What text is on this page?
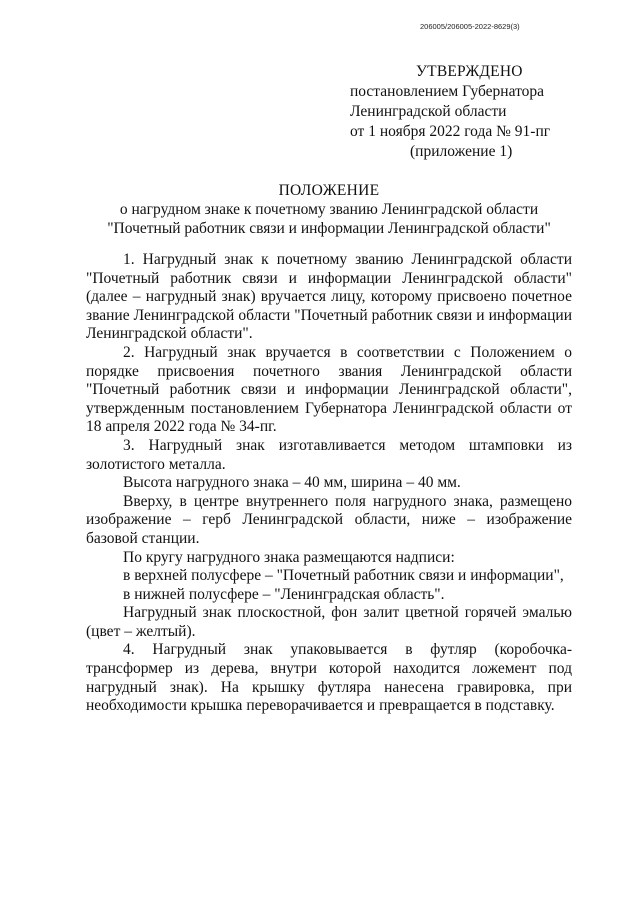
206005/206005-2022-8629(3)
УТВЕРЖДЕНО
постановлением Губернатора
Ленинградской области
от 1 ноября 2022 года № 91-пг
(приложение 1)
ПОЛОЖЕНИЕ
о нагрудном знаке к почетному званию Ленинградской области
"Почетный работник связи и информации Ленинградской области"

1. Нагрудный знак к почетному званию Ленинградской области "Почетный работник связи и информации Ленинградской области" (далее – нагрудный знак) вручается лицу, которому присвоено почетное звание Ленинградской области "Почетный работник связи и информации Ленинградской области".

2. Нагрудный знак вручается в соответствии с Положением о порядке присвоения почетного звания Ленинградской области "Почетный работник связи и информации Ленинградской области", утвержденным постановлением Губернатора Ленинградской области от 18 апреля 2022 года № 34-пг.

3. Нагрудный знак изготавливается методом штамповки из золотистого металла.

Высота нагрудного знака – 40 мм, ширина – 40 мм.

Вверху, в центре внутреннего поля нагрудного знака, размещено изображение – герб Ленинградской области, ниже – изображение базовой станции.

По кругу нагрудного знака размещаются надписи:

в верхней полусфере – "Почетный работник связи и информации",

в нижней полусфере – "Ленинградская область".

Нагрудный знак плоскостной, фон залит цветной горячей эмалью (цвет – желтый).

4. Нагрудный знак упаковывается в футляр (коробочка-трансформер из дерева, внутри которой находится ложемент под нагрудный знак). На крышку футляра нанесена гравировка, при необходимости крышка переворачивается и превращается в подставку.
